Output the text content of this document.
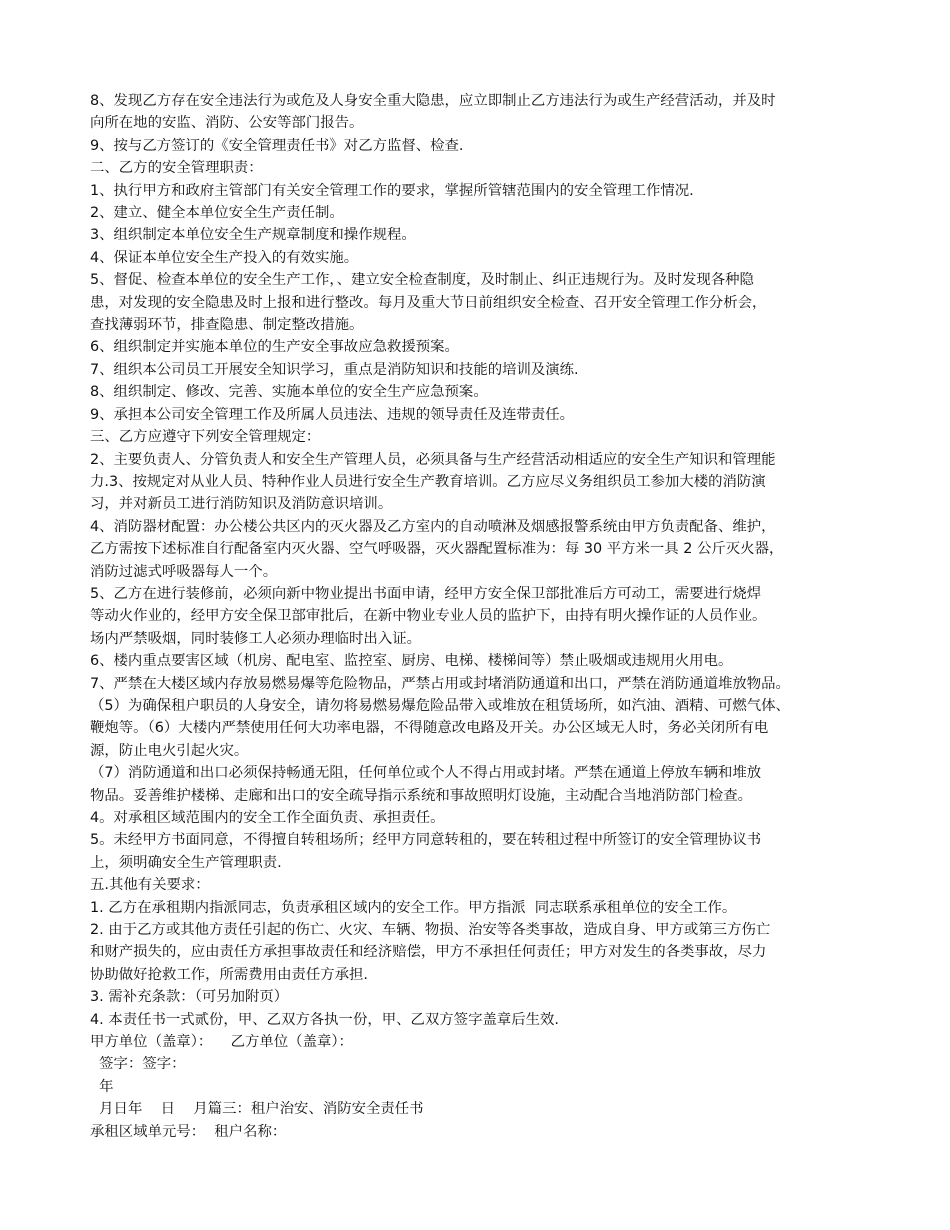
8、发现乙方存在安全违法行为或危及人身安全重大隐患，应立即制止乙方违法行为或生产经营活动，并及时

向所在地的安监、消防、公安等部门报告。

9、按与乙方签订的《安全管理责任书》对乙方监督、检查.

二、乙方的安全管理职责：

1、执行甲方和政府主管部门有关安全管理工作的要求，掌握所管辖范围内的安全管理工作情况.

2、建立、健全本单位安全生产责任制。

3、组织制定本单位安全生产规章制度和操作规程。

4、保证本单位安全生产投入的有效实施。

5、督促、检查本单位的安全生产工作，、建立安全检查制度，及时制止、纠正违规行为。及时发现各种隐

患，对发现的安全隐患及时上报和进行整改。每月及重大节日前组织安全检查、召开安全管理工作分析会，

查找薄弱环节，排查隐患、制定整改措施。

6、组织制定并实施本单位的生产安全事故应急救援预案。

7、组织本公司员工开展安全知识学习，重点是消防知识和技能的培训及演练.

8、组织制定、修改、完善、实施本单位的安全生产应急预案。

9、承担本公司安全管理工作及所属人员违法、违规的领导责任及连带责任。

三、乙方应遵守下列安全管理规定：

2、主要负责人、分管负责人和安全生产管理人员，必须具备与生产经营活动相适应的安全生产知识和管理能

力.3、按规定对从业人员、特种作业人员进行安全生产教育培训。乙方应尽义务组织员工参加大楼的消防演

习，并对新员工进行消防知识及消防意识培训。

4、消防器材配置：办公楼公共区内的灭火器及乙方室内的自动喷淋及烟感报警系统由甲方负责配备、维护，

乙方需按下述标准自行配备室内灭火器、空气呼吸器，灭火器配置标准为：每 30 平方米一具 2 公斤灭火器，

消防过滤式呼吸器每人一个。

5、乙方在进行装修前，必须向新中物业提出书面申请，经甲方安全保卫部批准后方可动工，需要进行烧焊

等动火作业的，经甲方安全保卫部审批后，在新中物业专业人员的监护下，由持有明火操作证的人员作业。

场内严禁吸烟，同时装修工人必须办理临时出入证。

6、楼内重点要害区域（机房、配电室、监控室、厨房、电梯、楼梯间等）禁止吸烟或违规用火用电。

7、严禁在大楼区域内存放易燃易爆等危险物品，严禁占用或封堵消防通道和出口，严禁在消防通道堆放物品。

（5）为确保租户职员的人身安全，请勿将易燃易爆危险品带入或堆放在租赁场所，如汽油、酒精、可燃气体、

鞭炮等。（6）大楼内严禁使用任何大功率电器，不得随意改电路及开关。办公区域无人时，务必关闭所有电

源，防止电火引起火灾。

（7）消防通道和出口必须保持畅通无阻，任何单位或个人不得占用或封堵。严禁在通道上停放车辆和堆放

物品。妥善维护楼梯、走廊和出口的安全疏导指示系统和事故照明灯设施，主动配合当地消防部门检查。

4。对承租区域范围内的安全工作全面负责、承担责任。

5。未经甲方书面同意，不得擅自转租场所；经甲方同意转租的，要在转租过程中所签订的安全管理协议书

上，须明确安全生产管理职责.

五.其他有关要求：

1. 乙方在承租期内指派同志，负责承租区域内的安全工作。甲方指派  同志联系承租单位的安全工作。

2. 由于乙方或其他方责任引起的伤亡、火灾、车辆、物损、治安等各类事故，造成自身、甲方或第三方伤亡

和财产损失的，应由责任方承担事故责任和经济赔偿，甲方不承担任何责任；甲方对发生的各类事故，尽力

协助做好抢救工作，所需费用由责任方承担.

3. 需补充条款：（可另加附页）

4. 本责任书一式贰份，甲、乙双方各执一份，甲、乙双方签字盖章后生效.

甲方单位（盖章）：    乙方单位（盖章）：

签字：签字：

年

月日年    日    月篇三：租户治安、消防安全责任书

承租区域单元号：  租户名称：
